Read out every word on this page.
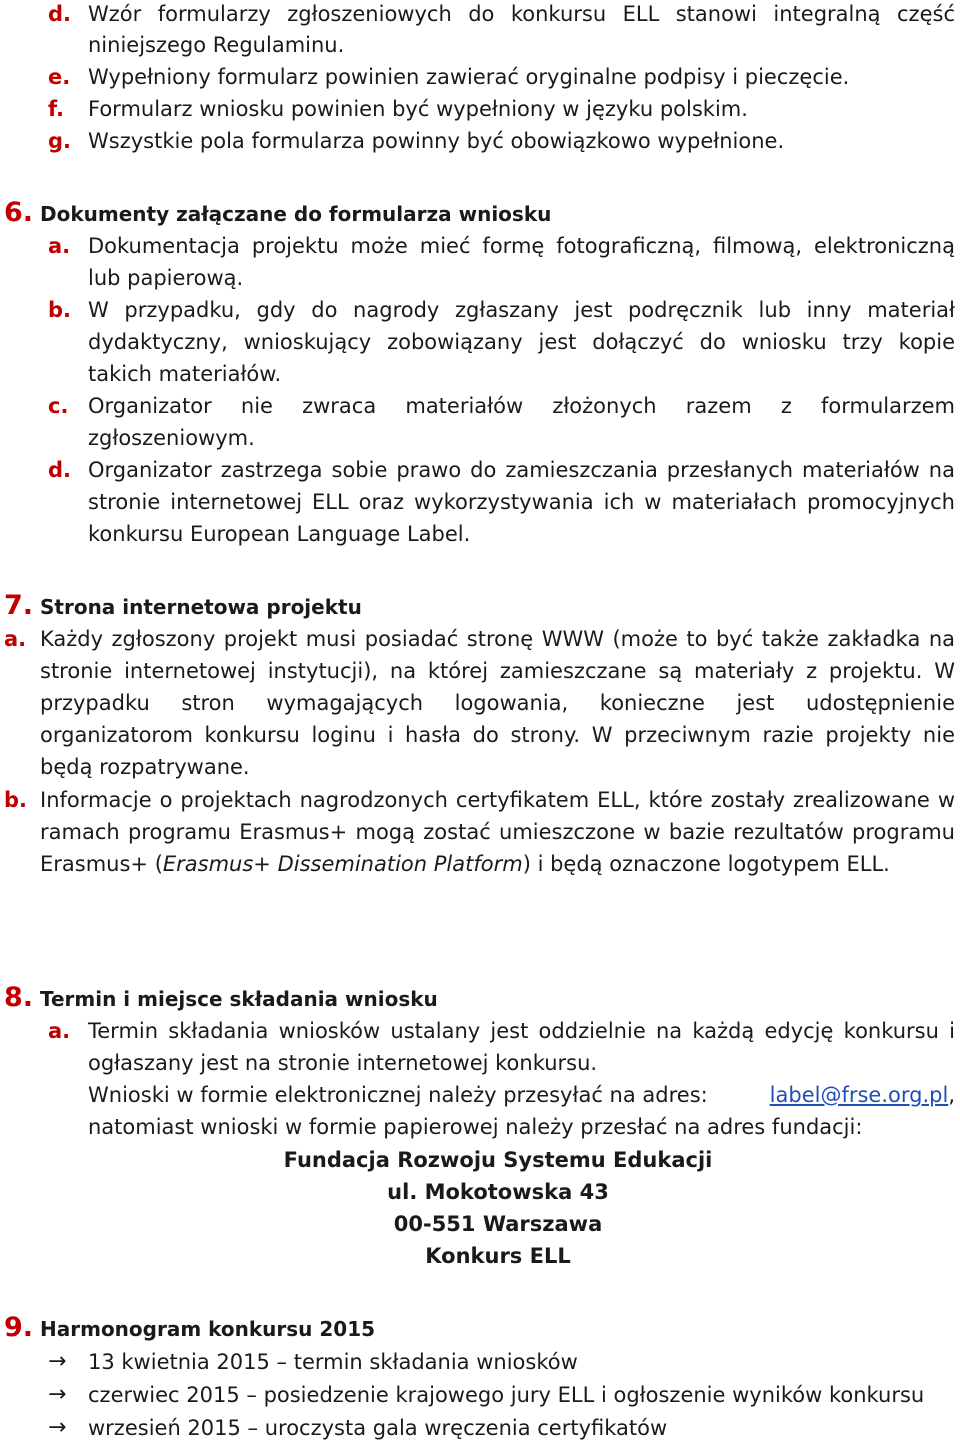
d. Wzór formularzy zgłoszeniowych do konkursu ELL stanowi integralną część
niniejszego Regulaminu.
e. Wypełniony formularz powinien zawierać oryginalne podpisy i pieczęcie.
f. Formularz wniosku powinien być wypełniony w języku polskim.
g. Wszystkie pola formularza powinny być obowiązkowo wypełnione.
6. Dokumenty załączane do formularza wniosku
a. Dokumentacja projektu może mieć formę fotograficzną, filmową, elektroniczną
lub papierową.
b. W przypadku, gdy do nagrody zgłaszany jest podręcznik lub inny materiał
dydaktyczny, wnioskujący zobowiązany jest dołączyć do wniosku trzy kopie
takich materiałów.
c. Organizator nie zwraca materiałów złożonych razem z formularzem
zgłoszeniowym.
d. Organizator zastrzega sobie prawo do zamieszczania przesłanych materiałów na
stronie internetowej ELL oraz wykorzystywania ich w materiałach promocyjnych
konkursu European Language Label.
7. Strona internetowa projektu
a. Każdy zgłoszony projekt musi posiadać stronę WWW (może to być także zakładka na
stronie internetowej instytucji), na której zamieszczane są materiały z projektu. W
przypadku stron wymagających logowania, konieczne jest udostępnienie
organizatorom konkursu loginu i hasła do strony. W przeciwnym razie projekty nie
będą rozpatrywane.
b. Informacje o projektach nagrodzonych certyfikatem ELL, które zostały zrealizowane w
ramach programu Erasmus+ mogą zostać umieszczone w bazie rezultatów programu
Erasmus+ (Erasmus+ Dissemination Platform) i będą oznaczone logotypem ELL.
8. Termin i miejsce składania wniosku
a. Termin składania wniosków ustalany jest oddzielnie na każdą edycję konkursu i
ogłaszany jest na stronie internetowej konkursu.
Wnioski w formie elektronicznej należy przesyłać na adres:	label@frse.org.pl,
natomiast wnioski w formie papierowej należy przesłać na adres fundacji:
Fundacja Rozwoju Systemu Edukacji
ul. Mokotowska 43
00-551 Warszawa
Konkurs ELL
9. Harmonogram konkursu 2015
→ 13 kwietnia 2015 – termin składania wniosków
→ czerwiec 2015 – posiedzenie krajowego jury ELL i ogłoszenie wyników konkursu
→ wrzesień 2015 – uroczysta gala wręczenia certyfikatów
